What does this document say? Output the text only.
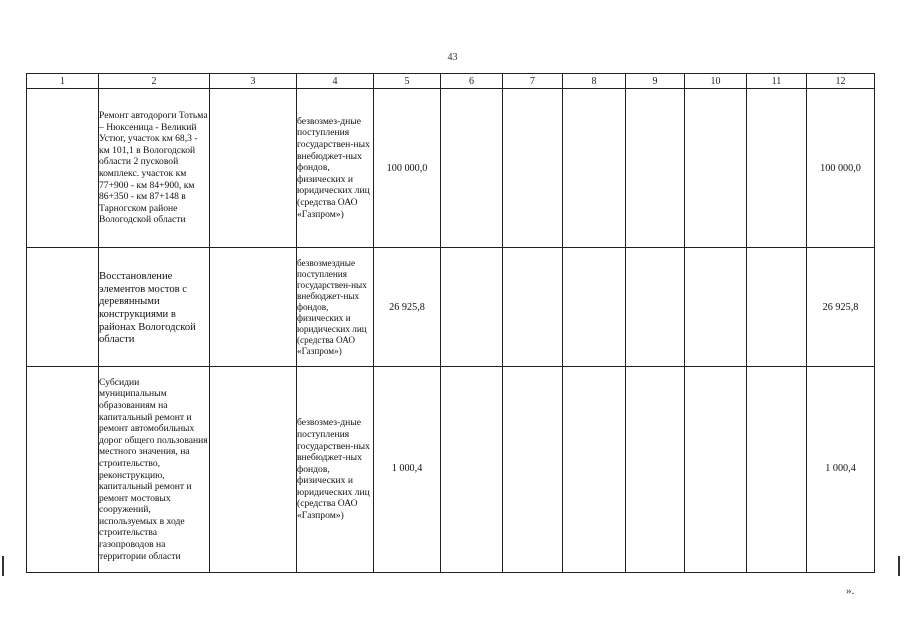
43
1	2	3	4	5	6	7	8	9	10	11	12
	Ремонт автодороги Тотьма – Нюксеница - Великий Устюг, участок км 68,3 - км 101,1 в Вологодской области 2 пусковой комплекс. участок км 77+900 - км 84+900, км 86+350 - км 87+148 в Тарногском районе Вологодской области		безвозмез-дные поступления государствен-ных внебюджет-ных фондов, физических и юридических лиц (средства ОАО «Газпром»)	100 000,0							100 000,0
	Восстановление элементов мостов с деревянными конструкциями в районах Вологодской области		безвозмездные поступления государствен-ных внебюджет-ных фондов, физических и юридических лиц (средства ОАО «Газпром»)	26 925,8							26 925,8
	Субсидии муниципальным образованиям на капитальный ремонт и ремонт автомобильных дорог общего пользования местного значения, на строительство, реконструкцию, капитальный ремонт и ремонт мостовых сооружений, используемых в ходе строительства газопроводов на территории области		безвозмез-дные поступления государствен-ных внебюджет-ных фондов, физических и юридических лиц (средства ОАО «Газпром»)	1 000,4							1 000,4
».
